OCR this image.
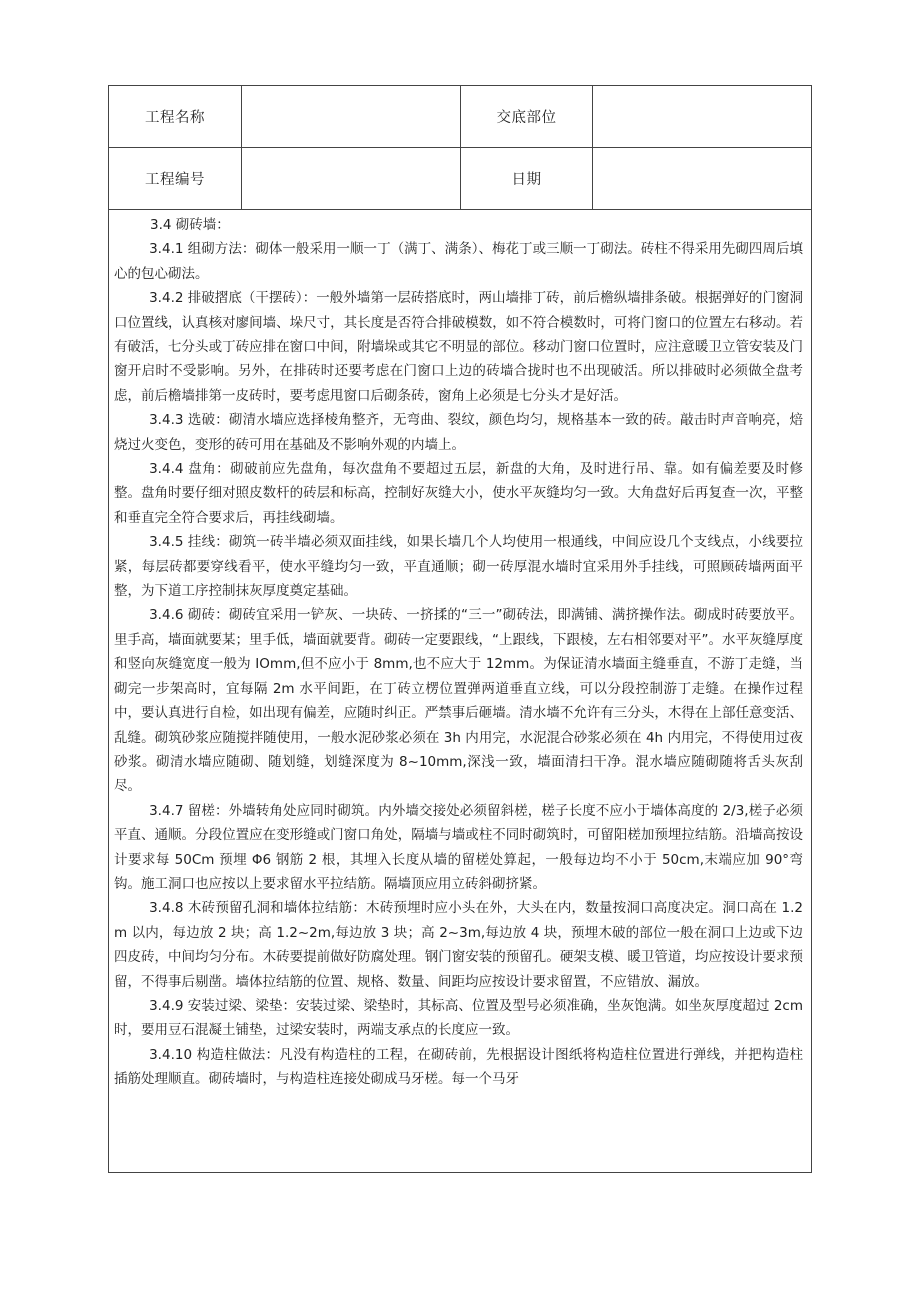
工程名称	交底部位
工程编号	日期

3.4 砌砖墙：

3.4.1 组砌方法：砌体一般采用一顺一丁（满丁、满条）、梅花丁或三顺一丁砌法。砖柱不得采用先砌四周后填心的包心砌法。

3.4.2 排破摺底（干摆砖）：一般外墙第一层砖搭底时，两山墙排丁砖，前后檐纵墙排条破。根据弹好的门窗洞口位置线，认真核对廖间墙、垛尺寸，其长度是否符合排破模数，如不符合模数时，可将门窗口的位置左右移动。若有破活，七分头或丁砖应排在窗口中间，附墙垛或其它不明显的部位。移动门窗口位置时，应注意暖卫立管安装及门窗开启时不受影响。另外，在排砖时还要考虑在门窗口上边的砖墙合拢时也不出现破活。所以排破时必须做全盘考虑，前后檐墙排第一皮砖时，要考虑甩窗口后砌条砖，窗角上必须是七分头才是好活。

3.4.3 选破：砌清水墙应选择棱角整齐，无弯曲、裂纹，颜色均匀，规格基本一致的砖。敲击时声音响亮，焙烧过火变色，变形的砖可用在基础及不影响外观的内墙上。

3.4.4 盘角：砌破前应先盘角，每次盘角不要超过五层，新盘的大角，及时进行吊、靠。如有偏差要及时修整。盘角时要仔细对照皮数杆的砖层和标高，控制好灰缝大小，使水平灰缝均匀一致。大角盘好后再复查一次，平整和垂直完全符合要求后，再挂线砌墙。

3.4.5 挂线：砌筑一砖半墙必须双面挂线，如果长墙几个人均使用一根通线，中间应设几个支线点，小线要拉紧，每层砖都要穿线看平，使水平缝均匀一致，平直通顺；砌一砖厚混水墙时宜采用外手挂线，可照顾砖墙两面平整，为下道工序控制抹灰厚度奠定基础。

3.4.6 砌砖：砌砖宜采用一铲灰、一块砖、一挤揉的“三一”砌砖法，即满铺、满挤操作法。砌成时砖要放平。里手高，墙面就要某；里手低，墙面就要背。砌砖一定要跟线，“上跟线，下跟棱，左右相邻要对平”。水平灰缝厚度和竖向灰缝宽度一般为 IOmm,但不应小于 8mm,也不应大于 12mm。为保证清水墙面主缝垂直，不游丁走缝，当砌完一步架高时，宜每隔 2m 水平间距，在丁砖立楞位置弹两道垂直立线，可以分段控制游丁走缝。在操作过程中，要认真进行自检，如出现有偏差，应随时纠正。严禁事后砸墙。清水墙不允许有三分头，木得在上部任意变活、乱缝。砌筑砂浆应随搅拌随使用，一般水泥砂浆必须在 3h 内用完，水泥混合砂浆必须在 4h 内用完，不得使用过夜砂浆。砌清水墙应随砌、随划缝，划缝深度为 8~10mm,深浅一致，墙面清扫干净。混水墙应随砌随将舌头灰刮尽。

3.4.7 留槎：外墙转角处应同时砌筑。内外墙交接处必须留斜槎，槎子长度不应小于墙体高度的 2/3,槎子必须平直、通顺。分段位置应在变形缝或门窗口角处，隔墙与墙或柱不同时砌筑时，可留阳槎加预埋拉结筋。沿墙高按设计要求每 50Cm 预埋 Φ6 钢筋 2 根，其埋入长度从墙的留槎处算起，一般每边均不小于 50cm,末端应加 90°弯钩。施工洞口也应按以上要求留水平拉结筋。隔墙顶应用立砖斜砌挤紧。

3.4.8 木砖预留孔洞和墙体拉结筋：木砖预埋时应小头在外，大头在内，数量按洞口高度决定。洞口高在 1.2m 以内，每边放 2 块；高 1.2~2m,每边放 3 块；高 2~3m,每边放 4 块，预埋木破的部位一般在洞口上边或下边四皮砖，中间均匀分布。木砖要提前做好防腐处理。钢门窗安装的预留孔。硬架支模、暖卫管道，均应按设计要求预留，不得事后剔凿。墙体拉结筋的位置、规格、数量、间距均应按设计要求留置，不应错放、漏放。

3.4.9 安装过梁、梁垫：安装过梁、梁垫时，其标高、位置及型号必须准确，坐灰饱满。如坐灰厚度超过 2cm 时，要用豆石混凝土铺垫，过梁安装时，两端支承点的长度应一致。

3.4.10 构造柱做法：凡没有构造柱的工程，在砌砖前，先根据设计图纸将构造柱位置进行弹线，并把构造柱插筋处理顺直。砌砖墙时，与构造柱连接处砌成马牙槎。每一个马牙
